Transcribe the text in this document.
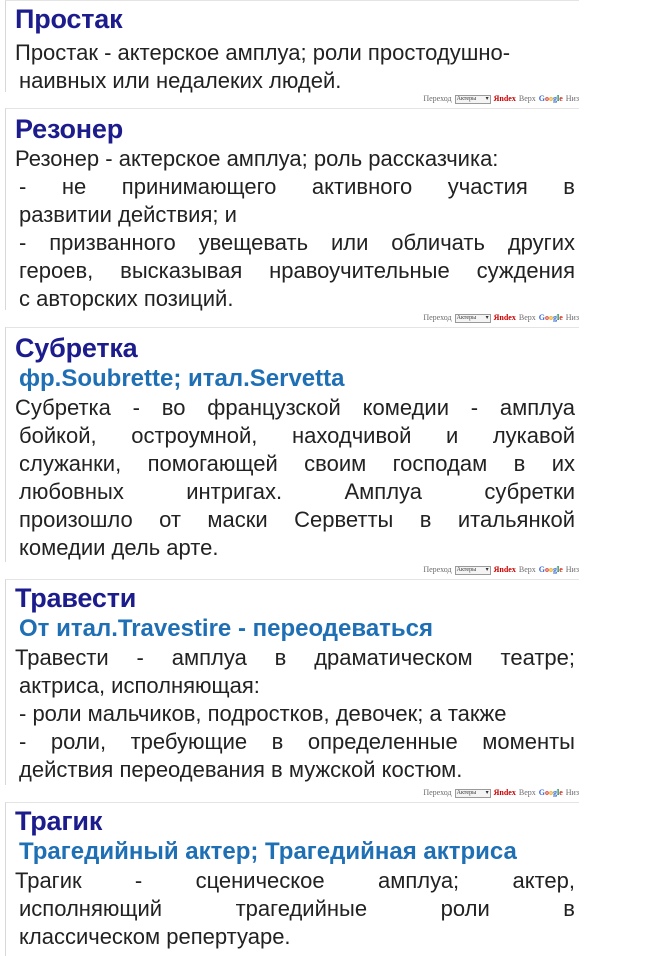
Простак

Простак - актерское амплуа; роли простодушно-

наивных или недалеких людей.

Переход Актеры ▾ Яndex Верх Google Низ
Резонер

Резонер - актерское амплуа; роль рассказчика:

- не принимающего активного участия в

развитии действия; и

- призванного увещевать или обличать других

героев, высказывая нравоучительные суждения

с авторских позиций.

Переход Актеры ▾ Яndex Верх Google Низ
Субретка

фр.Soubrette; итал.Servetta

Субретка - во французской комедии - амплуа

бойкой, остроумной, находчивой и лукавой

служанки, помогающей своим господам в их

любовных интригах. Амплуа субретки

произошло от маски Серветты в итальянкой

комедии дель арте.

Переход Актеры ▾ Яndex Верх Google Низ
Травести

От итал.Travestire - переодеваться

Травести - амплуа в драматическом театре;

актриса, исполняющая:

- роли мальчиков, подростков, девочек; а также

- роли, требующие в определенные моменты

действия переодевания в мужской костюм.

Переход Актеры ▾ Яndex Верх Google Низ
Трагик

Трагедийный актер; Трагедийная актриса

Трагик - сценическое амплуа; актер,

исполняющий трагедийные роли в

классическом репертуаре.
